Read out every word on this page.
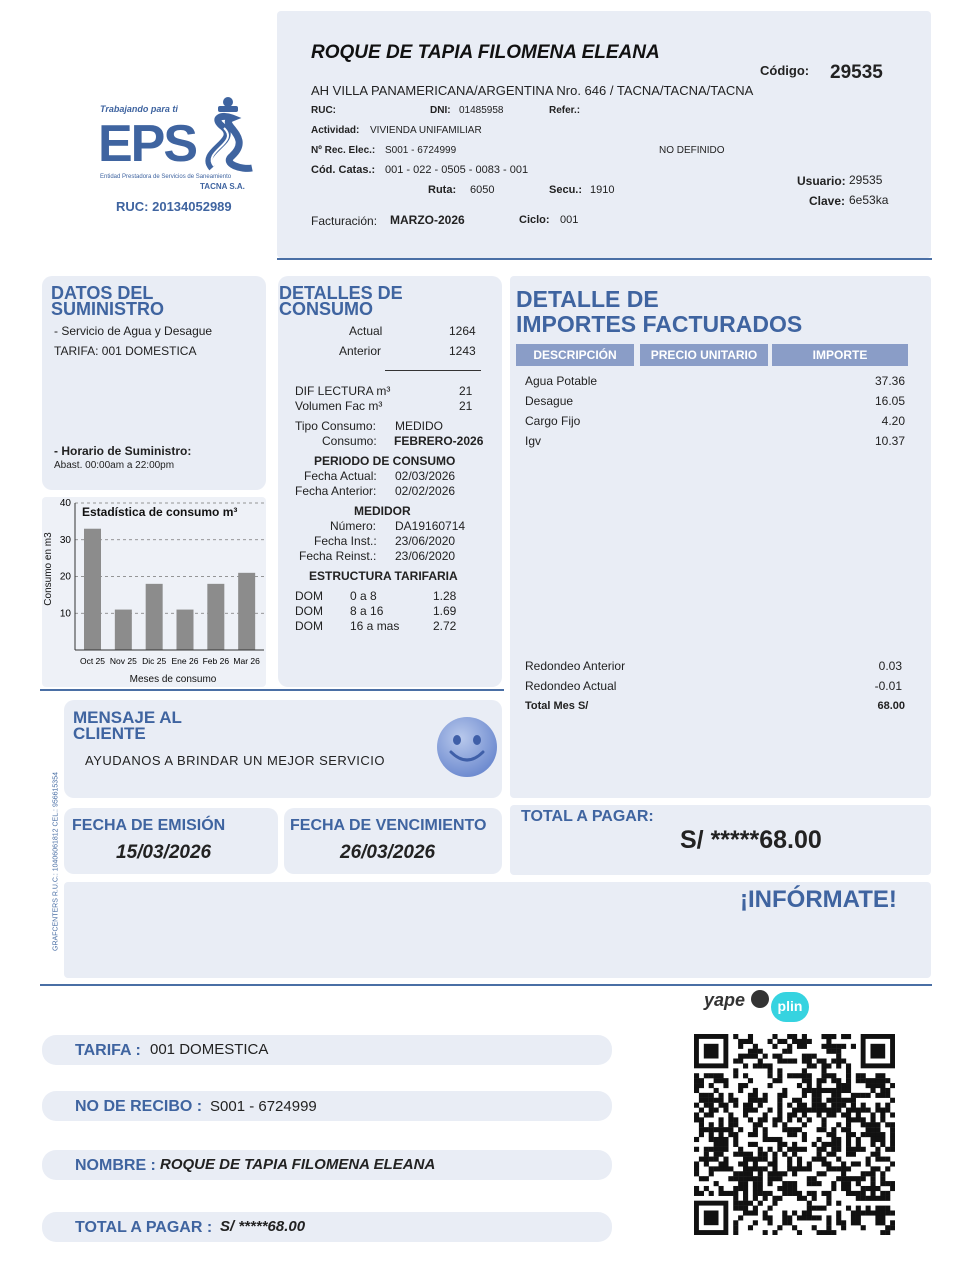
Trabajando para ti
EPS
Entidad Prestadora de Servicios de Saneamiento
TACNA S.A.
RUC: 20134052989
ROQUE DE TAPIA FILOMENA ELEANA
Código: 29535
AH VILLA PANAMERICANA/ARGENTINA Nro. 646 / TACNA/TACNA/TACNA
RUC:	DNI: 01485958	Refer.:
Actividad: VIVIENDA UNIFAMILIAR
Nº Rec. Elec.: S001 - 6724999	NO DEFINIDO
Cód. Catas.: 001 - 022 - 0505 - 0083 - 001
Ruta: 6050	Secu.: 1910
Usuario: 29535
Clave: 6e53ka
Facturación: MARZO-2026	Ciclo: 001
DATOS DEL
SUMINISTRO
- Servicio de Agua y Desague
TARIFA: 001 DOMESTICA
- Horario de Suministro:
Abast. 00:00am a 22:00pm
Estadística de consumo m³
10
20
30
40
Oct 25 Nov 25 Dic 25 Ene 26 Feb 26 Mar 26
Meses de consumo
Consumo en m3
DETALLES DE
CONSUMO
Actual	1264
Anterior	1243
DIF LECTURA m³	21
Volumen Fac m³	21
Tipo Consumo: MEDIDO
Consumo: FEBRERO-2026
PERIODO DE CONSUMO
Fecha Actual: 02/03/2026
Fecha Anterior: 02/02/2026
MEDIDOR
Número: DA19160714
Fecha Inst.: 23/06/2020
Fecha Reinst.: 23/06/2020
ESTRUCTURA TARIFARIA
DOM 0 a 8	1.28
DOM 8 a 16	1.69
DOM 16 a mas	2.72
DETALLE DE
IMPORTES FACTURADOS
DESCRIPCIÓN	PRECIO UNITARIO	IMPORTE
Agua Potable	37.36
Desague	16.05
Cargo Fijo	4.20
Igv	10.37
Redondeo Anterior	0.03
Redondeo Actual	-0.01
Total Mes S/	68.00
MENSAJE AL
CLIENTE
AYUDANOS A BRINDAR UN MEJOR SERVICIO
GRAFCENTERS R.U.C.: 10406061812 CEL.: 956615354 FECHA DE EMISIÓN
15/03/2026
FECHA DE VENCIMIENTO
26/03/2026
TOTAL A PAGAR:
S/ *****68.00
¡INFÓRMATE!
yape	plin
TARIFA : 001 DOMESTICA
NO DE RECIBO : S001 - 6724999
NOMBRE : ROQUE DE TAPIA FILOMENA ELEANA
TOTAL A PAGAR : S/ *****68.00
